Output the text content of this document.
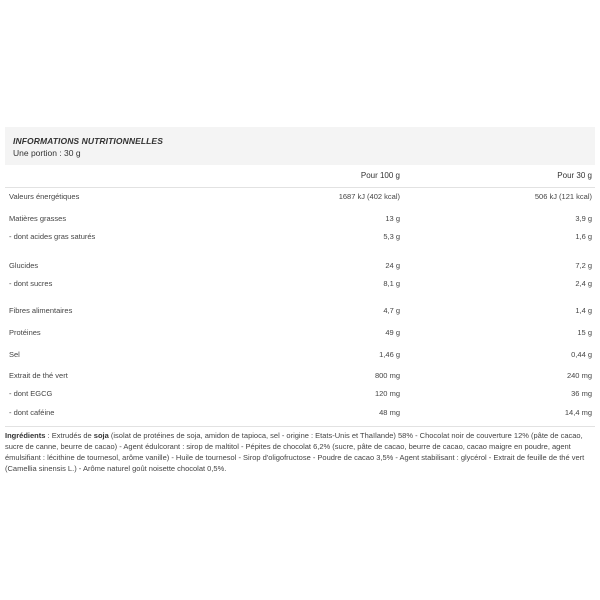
INFORMATIONS NUTRITIONNELLES
Une portion : 30 g
Pour 100 g	Pour 30 g
Valeurs énergétiques	1687 kJ (402 kcal)	506 kJ (121 kcal)
Matières grasses	13 g	3,9 g
- dont acides gras saturés	5,3 g	1,6 g
Glucides	24 g	7,2 g
- dont sucres	8,1 g	2,4 g
Fibres alimentaires	4,7 g	1,4 g
Protéines	49 g	15 g
Sel	1,46 g	0,44 g
Extrait de thé vert	800 mg	240 mg
- dont EGCG	120 mg	36 mg
- dont caféine	48 mg	14,4 mg
Ingrédients : Extrudés de soja (isolat de protéines de soja, amidon de tapioca, sel - origine : Etats-Unis et Thaïlande) 58% - Chocolat noir de couverture 12% (pâte de cacao, sucre de canne, beurre de cacao) - Agent édulcorant : sirop de maltitol - Pépites de chocolat 6,2% (sucre, pâte de cacao, beurre de cacao, cacao maigre en poudre, agent émulsifiant : lécithine de tournesol, arôme vanille) - Huile de tournesol - Sirop d'oligofructose - Poudre de cacao 3,5% - Agent stabilisant : glycérol - Extrait de feuille de thé vert (Camellia sinensis L.) - Arôme naturel goût noisette chocolat 0,5%.
